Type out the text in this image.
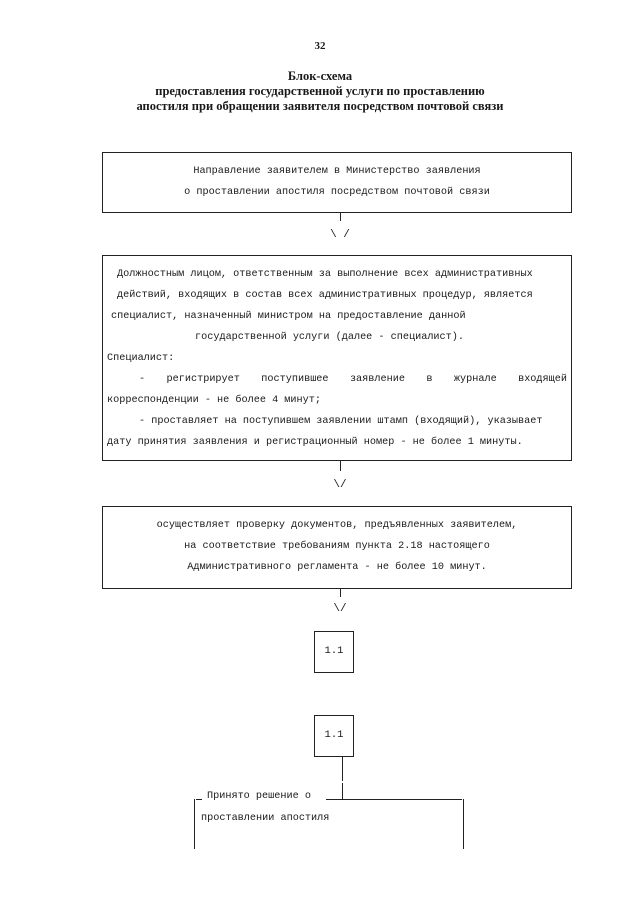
32
Блок-схема
предоставления государственной услуги по проставлению
апостиля при обращении заявителя посредством почтовой связи
Направление заявителем в Министерство заявления
о проставлении апостиля посредством почтовой связи
\ /
Должностным лицом, ответственным за выполнение всех административных
действий, входящих в состав всех административных процедур, является
специалист, назначенный министром на предоставление данной
государственной услуги (далее - специалист).
Специалист:
- регистрирует поступившее заявление в журнале входящей
корреспонденции - не более 4 минут;
- проставляет на поступившем заявлении штамп (входящий), указывает
дату принятия заявления и регистрационный номер - не более 1 минуты.
\/
осуществляет проверку документов, предъявленных заявителем,
на соответствие требованиям пункта 2.18 настоящего
Административного регламента - не более 10 минут.
\/
1.1
1.1
Принято решение о
проставлении апостиля
